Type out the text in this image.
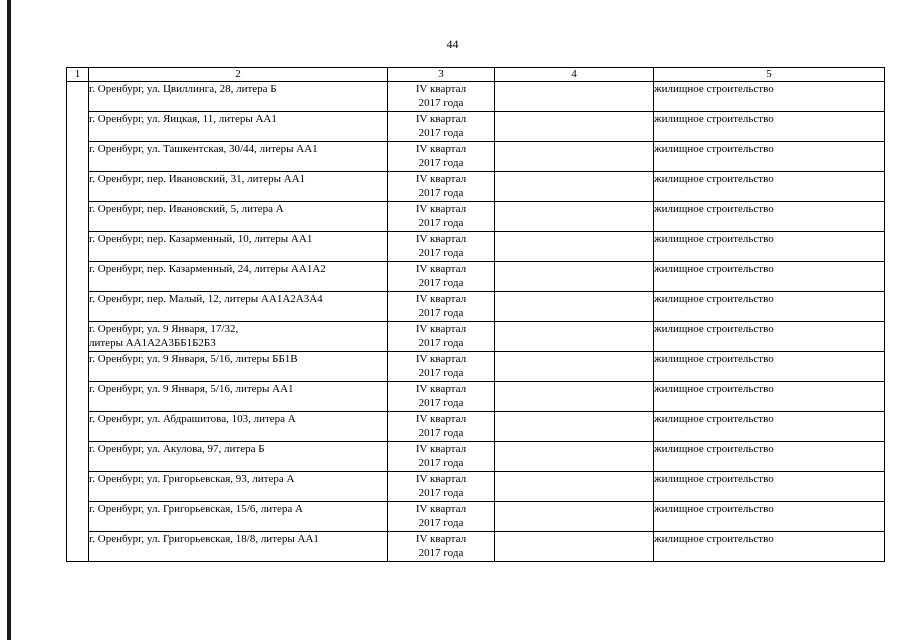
44
1	2	3	4	5

	г. Оренбург, ул. Цвиллинга, 28, литера Б	IV квартал
2017 года		жилищное строительство

	г. Оренбург, ул. Яицкая, 11, литеры АА1	IV квартал
2017 года		жилищное строительство

	г. Оренбург, ул. Ташкентская, 30/44, литеры АА1	IV квартал
2017 года		жилищное строительство

	г. Оренбург, пер. Ивановский, 31, литеры АА1	IV квартал
2017 года		жилищное строительство

	г. Оренбург, пер. Ивановский, 5, литера А	IV квартал
2017 года		жилищное строительство

	г. Оренбург, пер. Казарменный, 10, литеры АА1	IV квартал
2017 года		жилищное строительство

	г. Оренбург, пер. Казарменный, 24, литеры АА1А2	IV квартал
2017 года		жилищное строительство

	г. Оренбург, пер. Малый, 12, литеры АА1А2А3А4	IV квартал
2017 года		жилищное строительство

	г. Оренбург, ул. 9 Января, 17/32,
литеры АА1А2А3ББ1Б2Б3	IV квартал
2017 года		жилищное строительство

	г. Оренбург, ул. 9 Января, 5/16, литеры ББ1В	IV квартал
2017 года		жилищное строительство

	г. Оренбург, ул. 9 Января, 5/16, литеры АА1	IV квартал
2017 года		жилищное строительство

	г. Оренбург, ул. Абдрашитова, 103, литера А	IV квартал
2017 года		жилищное строительство

	г. Оренбург, ул. Акулова, 97, литера Б	IV квартал
2017 года		жилищное строительство

	г. Оренбург, ул. Григорьевская, 93, литера А	IV квартал
2017 года		жилищное строительство

	г. Оренбург, ул. Григорьевская, 15/6, литера А	IV квартал
2017 года		жилищное строительство

	г. Оренбург, ул. Григорьевская, 18/8, литеры АА1	IV квартал
2017 года		жилищное строительство
